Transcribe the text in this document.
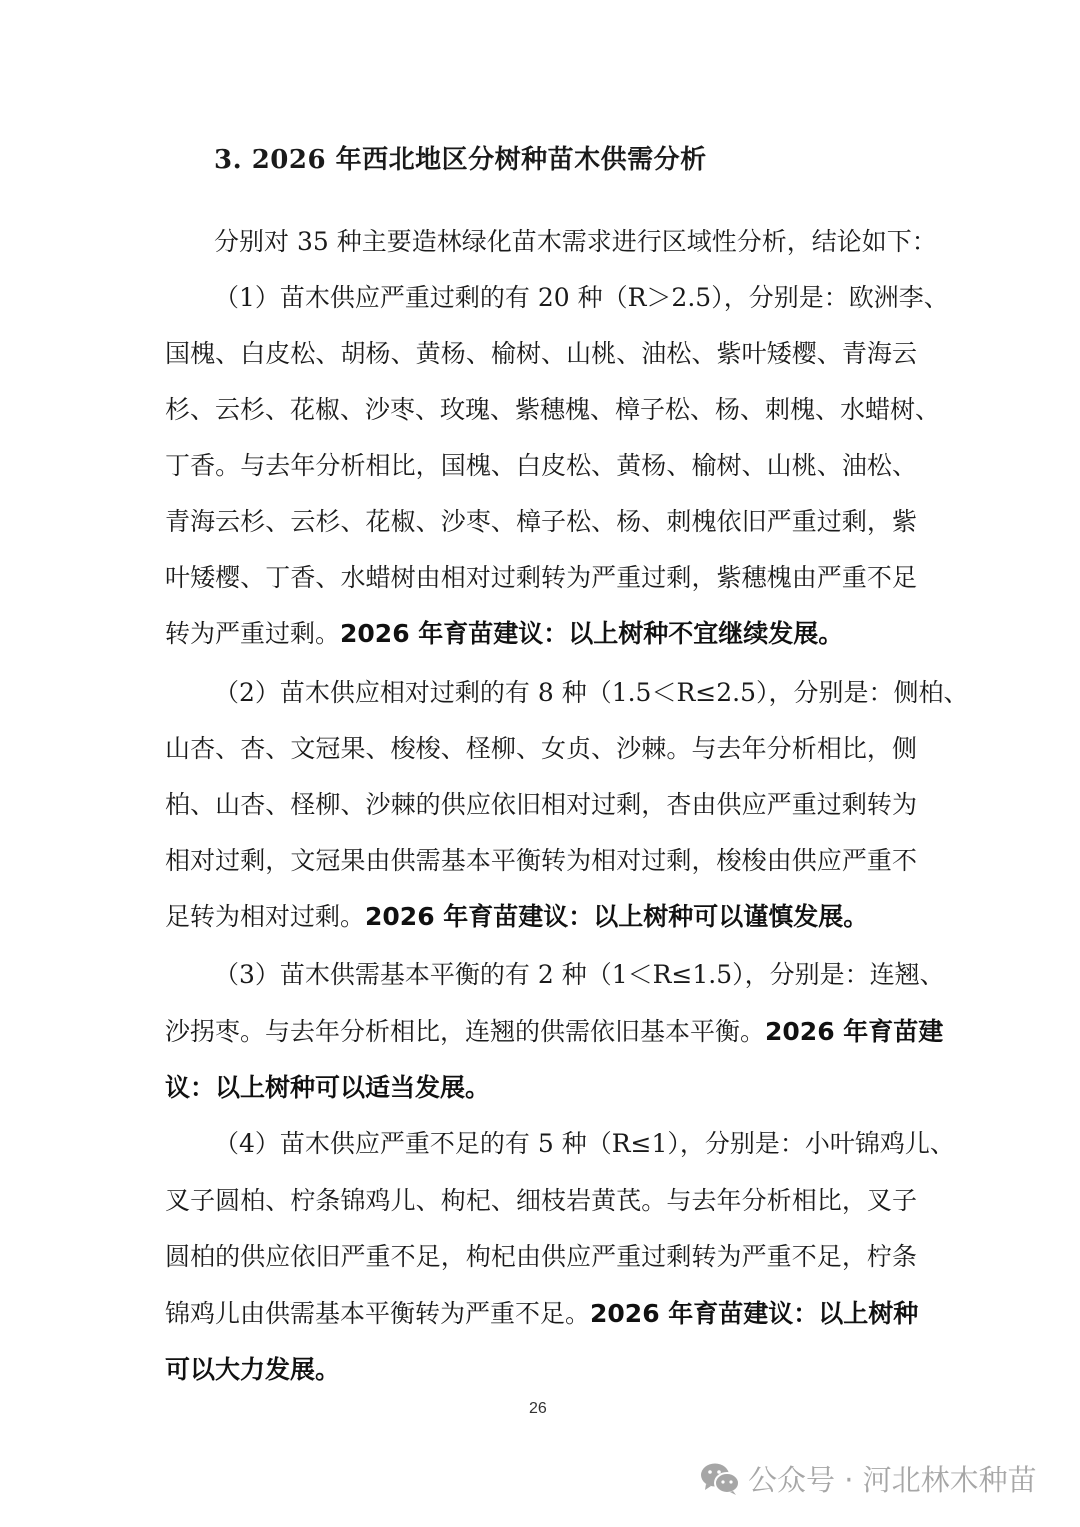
3. 2026 年西北地区分树种苗木供需分析
分别对 35 种主要造林绿化苗木需求进行区域性分析，结论如下：
（1）苗木供应严重过剩的有 20 种（R＞2.5），分别是：欧洲李、
国槐、白皮松、胡杨、黄杨、榆树、山桃、油松、紫叶矮樱、青海云
杉、云杉、花椒、沙枣、玫瑰、紫穗槐、樟子松、杨、刺槐、水蜡树、
丁香。与去年分析相比，国槐、白皮松、黄杨、榆树、山桃、油松、
青海云杉、云杉、花椒、沙枣、樟子松、杨、刺槐依旧严重过剩，紫
叶矮樱、丁香、水蜡树由相对过剩转为严重过剩，紫穗槐由严重不足
转为严重过剩。2026 年育苗建议：以上树种不宜继续发展。
（2）苗木供应相对过剩的有 8 种（1.5＜R≤2.5），分别是：侧柏、
山杏、杏、文冠果、梭梭、柽柳、女贞、沙棘。与去年分析相比，侧
柏、山杏、柽柳、沙棘的供应依旧相对过剩，杏由供应严重过剩转为
相对过剩，文冠果由供需基本平衡转为相对过剩，梭梭由供应严重不
足转为相对过剩。2026 年育苗建议：以上树种可以谨慎发展。
（3）苗木供需基本平衡的有 2 种（1＜R≤1.5），分别是：连翘、
沙拐枣。与去年分析相比，连翘的供需依旧基本平衡。2026 年育苗建
议：以上树种可以适当发展。
（4）苗木供应严重不足的有 5 种（R≤1），分别是：小叶锦鸡儿、
叉子圆柏、柠条锦鸡儿、枸杞、细枝岩黄芪。与去年分析相比，叉子
圆柏的供应依旧严重不足，枸杞由供应严重过剩转为严重不足，柠条
锦鸡儿由供需基本平衡转为严重不足。2026 年育苗建议：以上树种
可以大力发展。
26
公众号 · 河北林木种苗
